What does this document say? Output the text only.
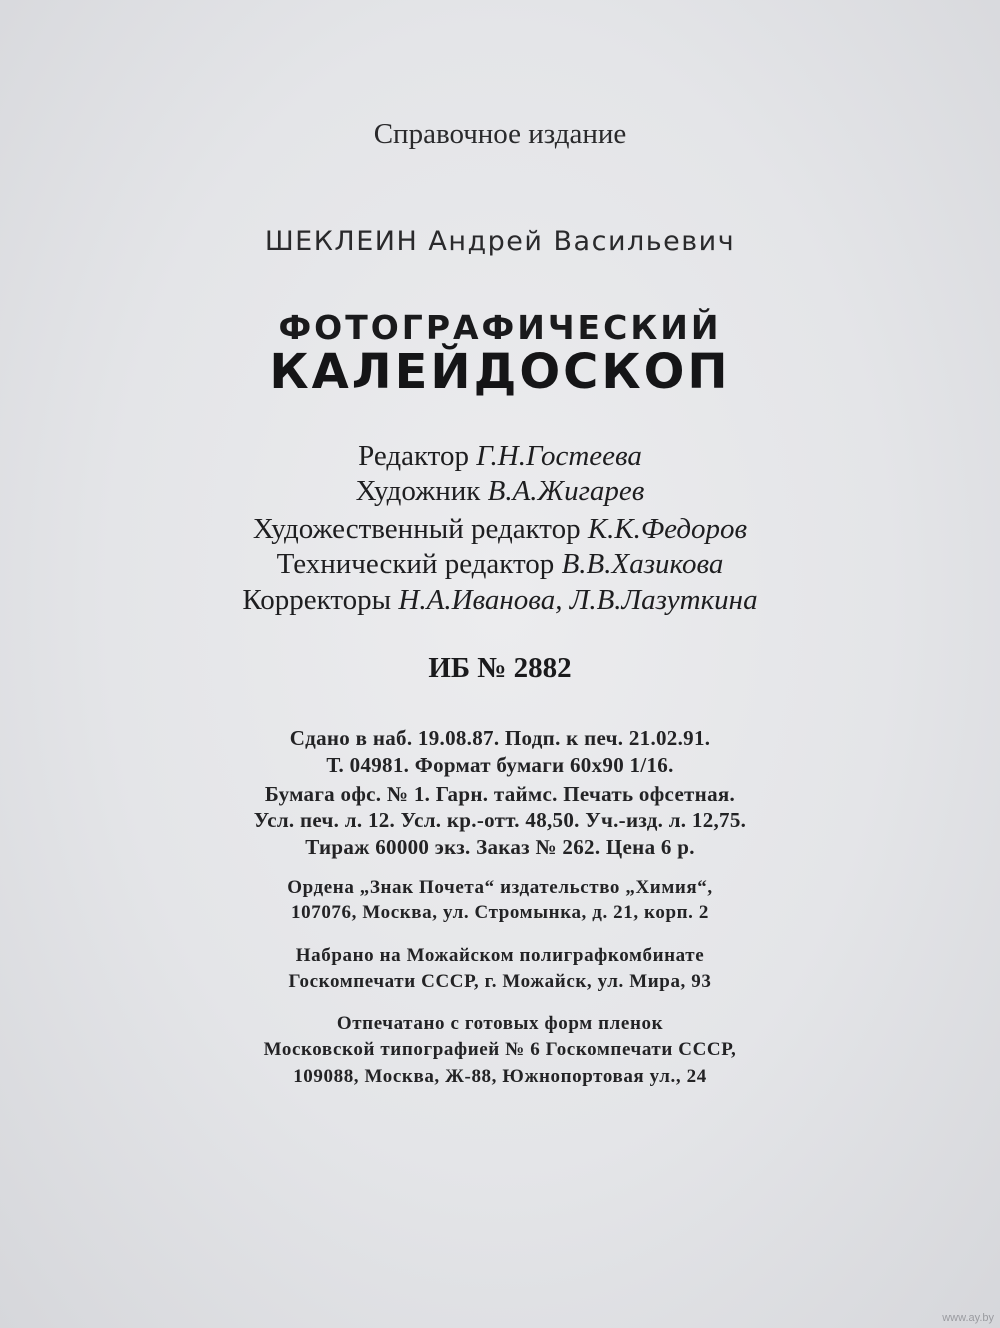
Справочное издание
ШЕКЛЕИН Андрей Васильевич
ФОТОГРАФИЧЕСКИЙ
КАЛЕЙДОСКОП
Редактор Г.Н.Гостеева
Художник В.А.Жигарев
Художественный редактор К.К.Федоров
Технический редактор В.В.Хазикова
Корректоры Н.А.Иванова, Л.В.Лазуткина
ИБ № 2882
Сдано в наб. 19.08.87. Подп. к печ. 21.02.91.
Т. 04981. Формат бумаги 60x90 1/16.
Бумага офс. № 1. Гарн. таймс. Печать офсетная.
Усл. печ. л. 12. Усл. кр.-отт. 48,50. Уч.-изд. л. 12,75.
Тираж 60000 экз. Заказ № 262. Цена 6 р.
Ордена „Знак Почета“ издательство „Химия“,
107076, Москва, ул. Стромынка, д. 21, корп. 2
Набрано на Можайском полиграфкомбинате
Госкомпечати СССР, г. Можайск, ул. Мира, 93
Отпечатано с готовых форм пленок
Московской типографией № 6 Госкомпечати СССР,
109088, Москва, Ж-88, Южнопортовая ул., 24
www.ay.by
